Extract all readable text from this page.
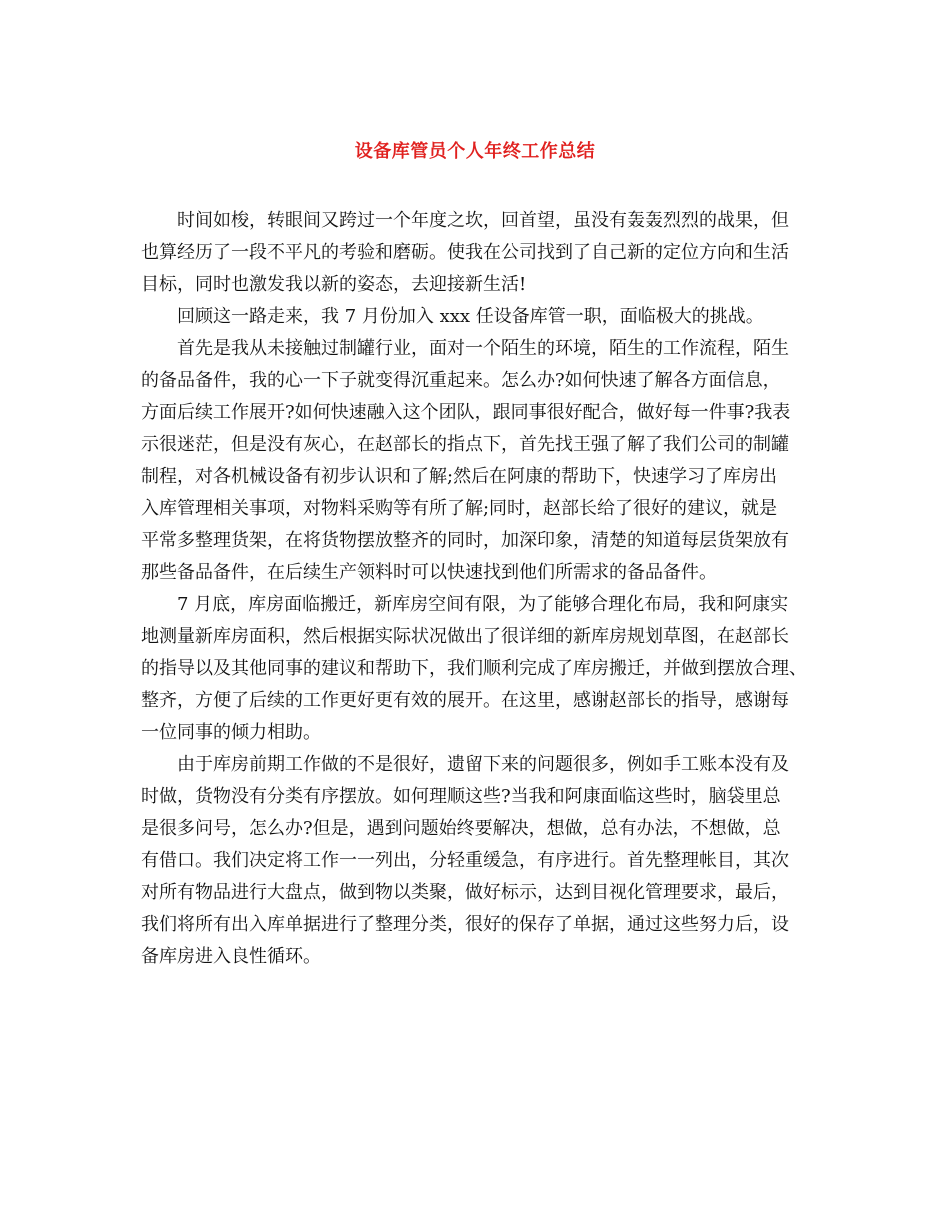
设备库管员个人年终工作总结
时间如梭，转眼间又跨过一个年度之坎，回首望，虽没有轰轰烈烈的战果，但
也算经历了一段不平凡的考验和磨砺。使我在公司找到了自己新的定位方向和生活
目标，同时也激发我以新的姿态，去迎接新生活!
回顾这一路走来，我 7 月份加入 xxx 任设备库管一职，面临极大的挑战。
首先是我从未接触过制罐行业，面对一个陌生的环境，陌生的工作流程，陌生
的备品备件，我的心一下子就变得沉重起来。怎么办?如何快速了解各方面信息，
方面后续工作展开?如何快速融入这个团队，跟同事很好配合，做好每一件事?我表
示很迷茫，但是没有灰心，在赵部长的指点下，首先找王强了解了我们公司的制罐
制程，对各机械设备有初步认识和了解;然后在阿康的帮助下，快速学习了库房出
入库管理相关事项，对物料采购等有所了解;同时，赵部长给了很好的建议，就是
平常多整理货架，在将货物摆放整齐的同时，加深印象，清楚的知道每层货架放有
那些备品备件，在后续生产领料时可以快速找到他们所需求的备品备件。
7 月底，库房面临搬迁，新库房空间有限，为了能够合理化布局，我和阿康实
地测量新库房面积，然后根据实际状况做出了很详细的新库房规划草图，在赵部长
的指导以及其他同事的建议和帮助下，我们顺利完成了库房搬迁，并做到摆放合理、
整齐，方便了后续的工作更好更有效的展开。在这里，感谢赵部长的指导，感谢每
一位同事的倾力相助。
由于库房前期工作做的不是很好，遗留下来的问题很多，例如手工账本没有及
时做，货物没有分类有序摆放。如何理顺这些?当我和阿康面临这些时，脑袋里总
是很多问号，怎么办?但是，遇到问题始终要解决，想做，总有办法，不想做，总
有借口。我们决定将工作一一列出，分轻重缓急，有序进行。首先整理帐目，其次
对所有物品进行大盘点，做到物以类聚，做好标示，达到目视化管理要求，最后，
我们将所有出入库单据进行了整理分类，很好的保存了单据，通过这些努力后，设
备库房进入良性循环。
